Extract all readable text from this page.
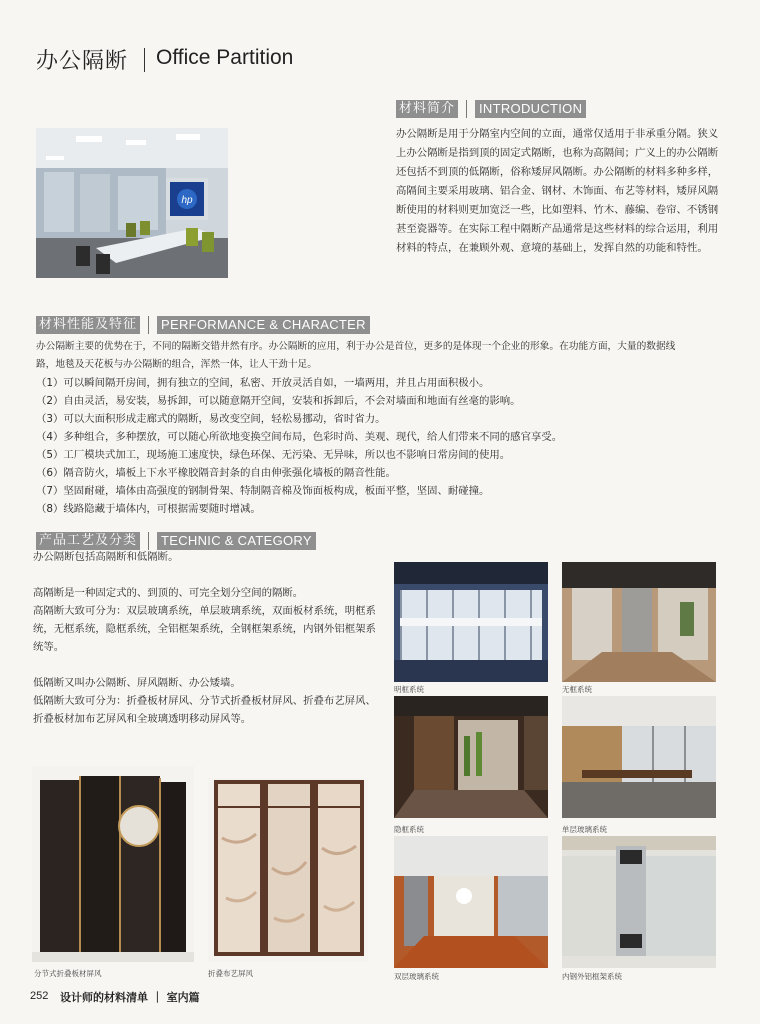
办公隔断 Office Partition
hp
材料简介	INTRODUCTION
办公隔断是用于分隔室内空间的立面，通常仅适用于非承重分隔。狭义
上办公隔断是指到顶的固定式隔断，也称为高隔间；广义上的办公隔断
还包括不到顶的低隔断，俗称矮屏风隔断。办公隔断的材料多种多样，
高隔间主要采用玻璃、铝合金、钢材、木饰面、布艺等材料，矮屏风隔
断使用的材料则更加宽泛一些，比如塑料、竹木、藤编、卷帘、不锈钢
甚至瓷器等。在实际工程中隔断产品通常是这些材料的综合运用，利用
材料的特点，在兼顾外观、意境的基础上，发挥自然的功能和特性。
材料性能及特征	PERFORMANCE & CHARACTER
办公隔断主要的优势在于，不同的隔断交错井然有序。办公隔断的应用，利于办公是首位，更多的是体现一个企业的形象。在功能方面，大量的数据线
路，地毯及天花板与办公隔断的组合，浑然一体，让人干劲十足。
（1）可以瞬间隔开房间，拥有独立的空间，私密、开放灵活自如，一墙两用，并且占用面积极小。
（2）自由灵活，易安装，易拆卸，可以随意隔开空间，安装和拆卸后，不会对墙面和地面有丝毫的影响。
（3）可以大面积形成走廊式的隔断，易改变空间，轻松易挪动，省时省力。
（4）多种组合，多种摆放，可以随心所欲地变换空间布局，色彩时尚、美观、现代，给人们带来不同的感官享受。
（5）工厂模块式加工，现场施工速度快，绿色环保、无污染、无异味，所以也不影响日常房间的使用。
（6）隔音防火，墙板上下水平橡胶隔音封条的自由伸张强化墙板的隔音性能。
（7）坚固耐碰，墙体由高强度的钢制骨架、特制隔音棉及饰面板构成，板面平整，坚固、耐碰撞。
（8）线路隐藏于墙体内，可根据需要随时增减。
产品工艺及分类	TECHNIC & CATEGORY
办公隔断包括高隔断和低隔断。
高隔断是一种固定式的、到顶的、可完全划分空间的隔断。
高隔断大致可分为：双层玻璃系统，单层玻璃系统，双面板材系统，明框系
统，无框系统，隐框系统，全铝框架系统，全钢框架系统，内钢外铝框架系
统等。
低隔断又叫办公隔断、屏风隔断、办公矮墙。
低隔断大致可分为：折叠板材屏风、分节式折叠板材屏风、折叠布艺屏风、
折叠板材加布艺屏风和全玻璃透明移动屏风等。
分节式折叠板材屏风	折叠布艺屏风
明框系统	无框系统
隐框系统	单层玻璃系统
双层玻璃系统	内钢外铝框架系统
252 设计师的材料清单 ｜ 室内篇
